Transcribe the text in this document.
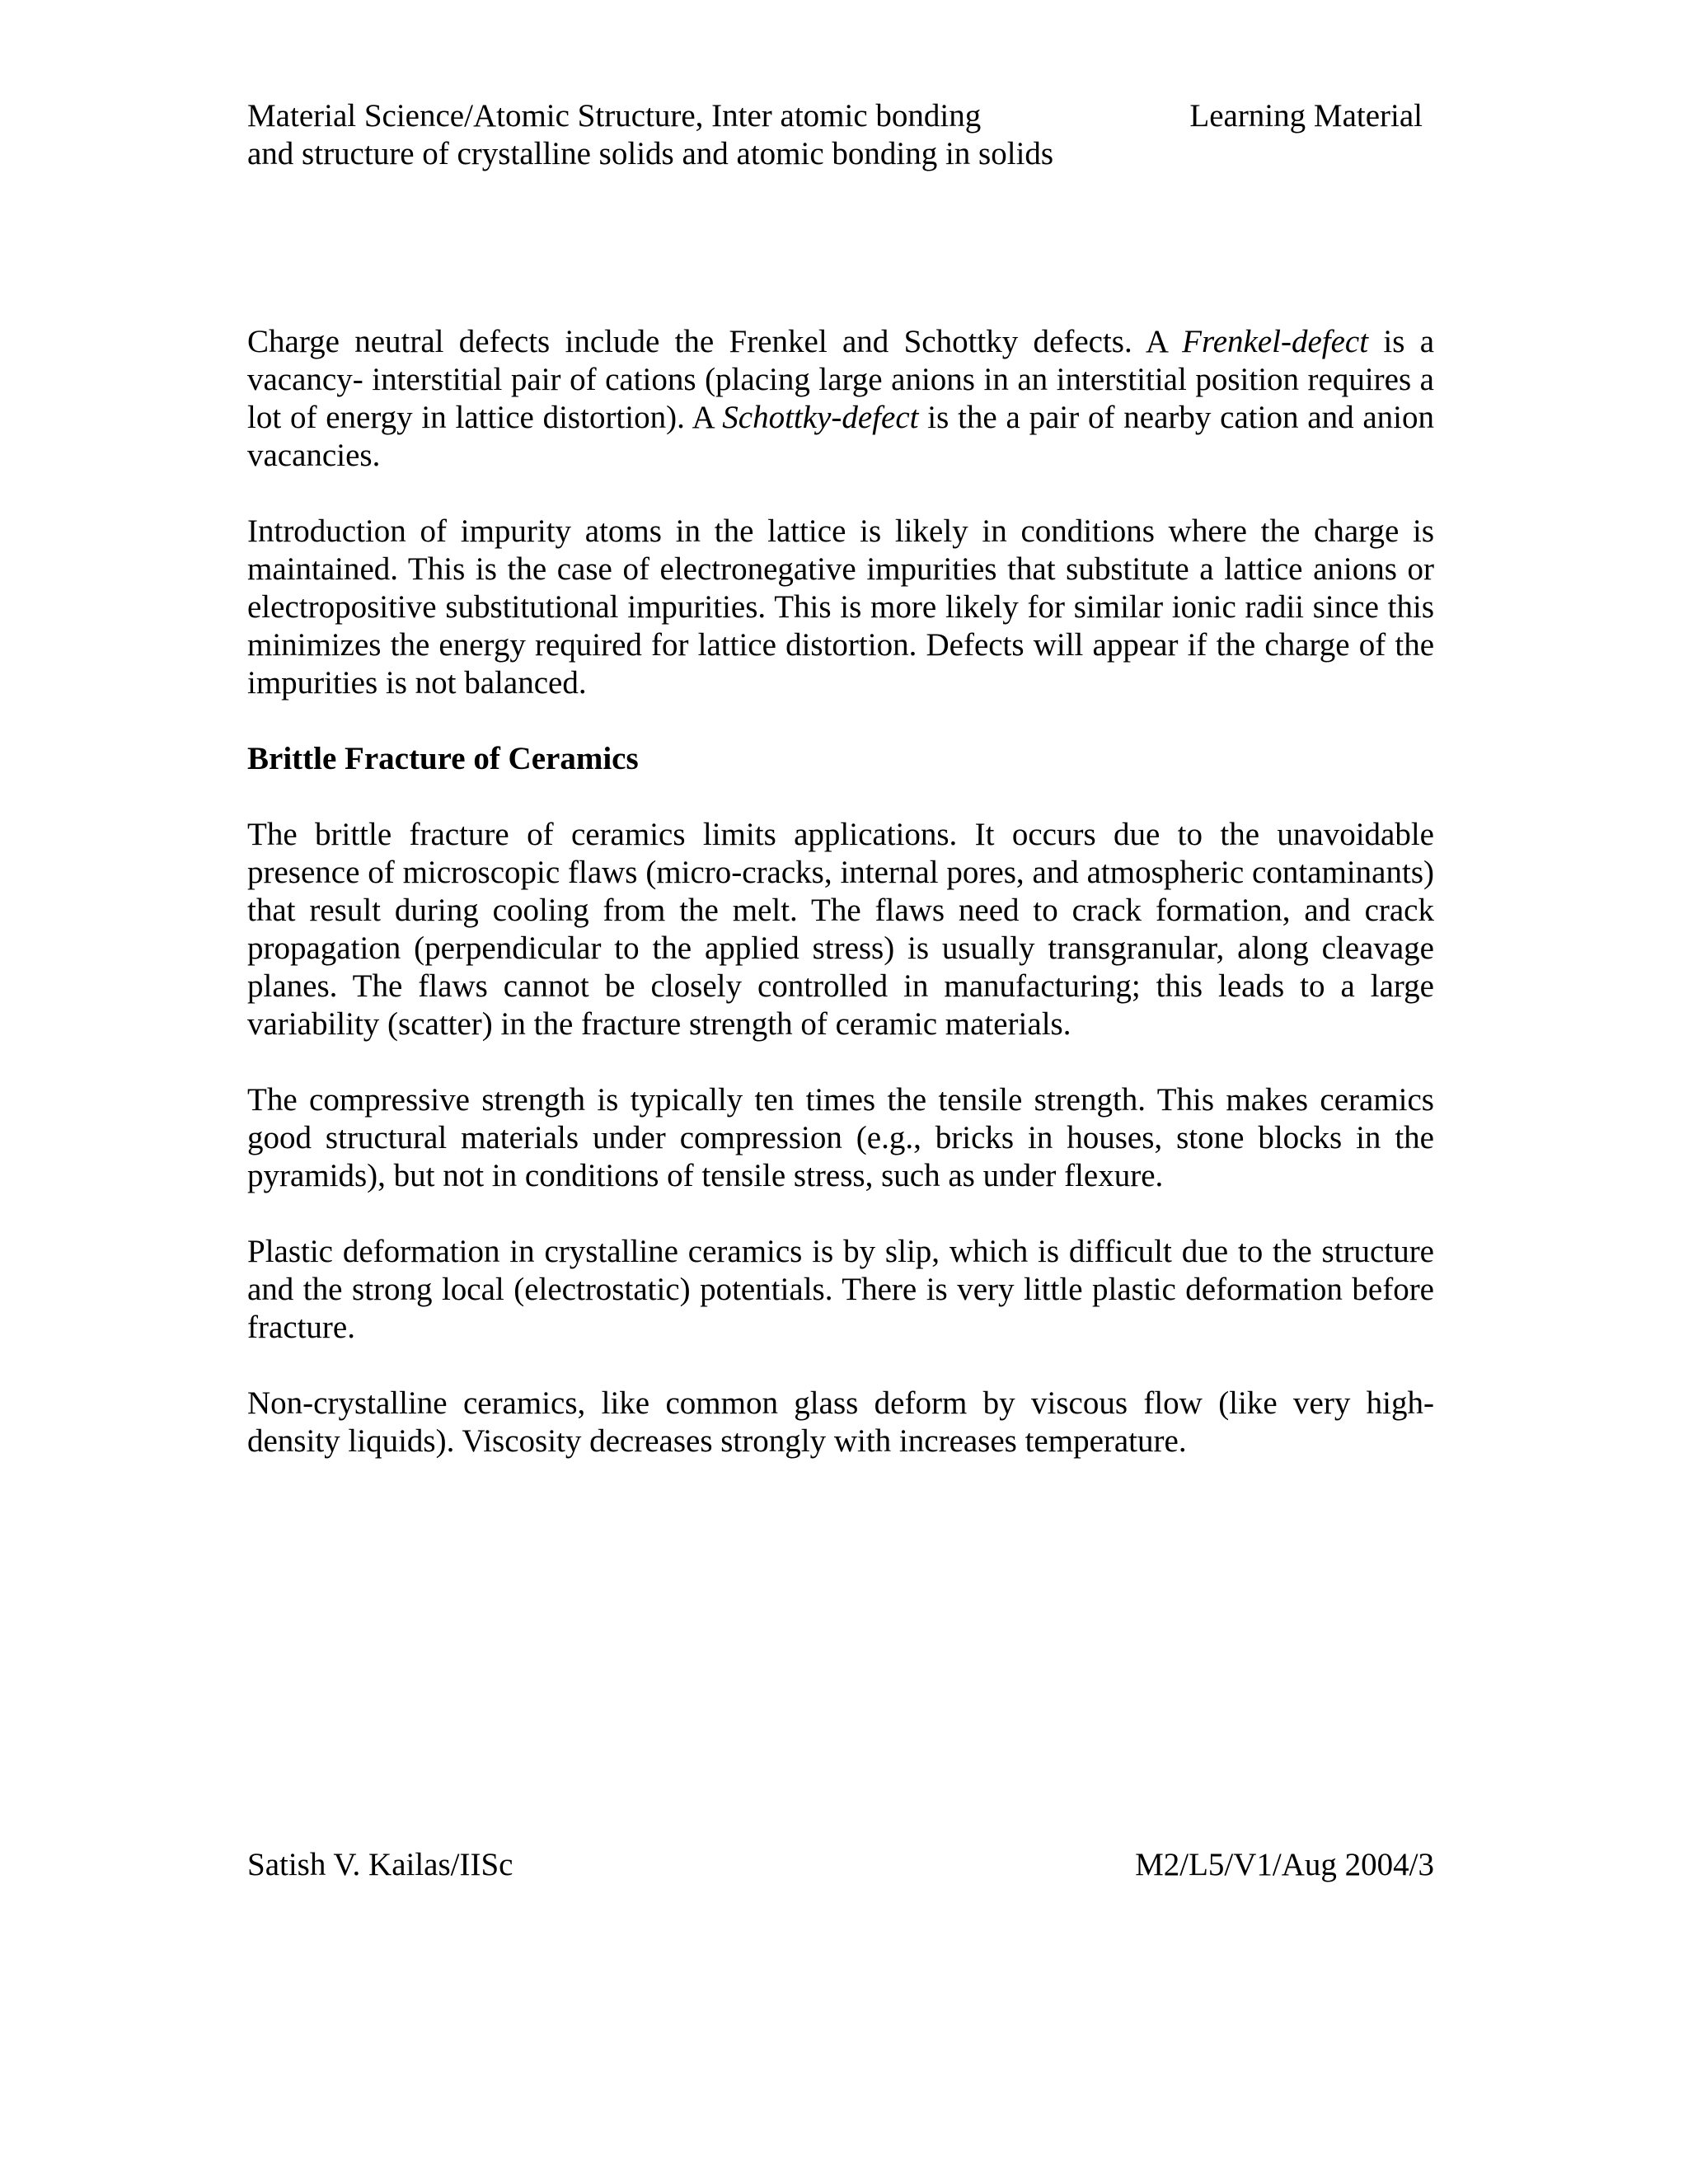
Material Science/Atomic Structure, Inter atomic bonding
and structure of crystalline solids and atomic bonding in solids
Learning Material

Charge neutral defects include the Frenkel and Schottky defects. A Frenkel-defect is a vacancy- interstitial pair of cations (placing large anions in an interstitial position requires a lot of energy in lattice distortion). A Schottky-defect is the a pair of nearby cation and anion vacancies.

Introduction of impurity atoms in the lattice is likely in conditions where the charge is maintained. This is the case of electronegative impurities that substitute a lattice anions or electropositive substitutional impurities. This is more likely for similar ionic radii since this minimizes the energy required for lattice distortion. Defects will appear if the charge of the impurities is not balanced.

Brittle Fracture of Ceramics

The brittle fracture of ceramics limits applications. It occurs due to the unavoidable presence of microscopic flaws (micro-cracks, internal pores, and atmospheric contaminants) that result during cooling from the melt. The flaws need to crack formation, and crack propagation (perpendicular to the applied stress) is usually transgranular, along cleavage planes. The flaws cannot be closely controlled in manufacturing; this leads to a large variability (scatter) in the fracture strength of ceramic materials.

The compressive strength is typically ten times the tensile strength. This makes ceramics good structural materials under compression (e.g., bricks in houses, stone blocks in the pyramids), but not in conditions of tensile stress, such as under flexure.

Plastic deformation in crystalline ceramics is by slip, which is difficult due to the structure and the strong local (electrostatic) potentials. There is very little plastic deformation before fracture.

Non-crystalline ceramics, like common glass deform by viscous flow (like very high-density liquids). Viscosity decreases strongly with increases temperature.

Satish V. Kailas/IISc	M2/L5/V1/Aug 2004/3
